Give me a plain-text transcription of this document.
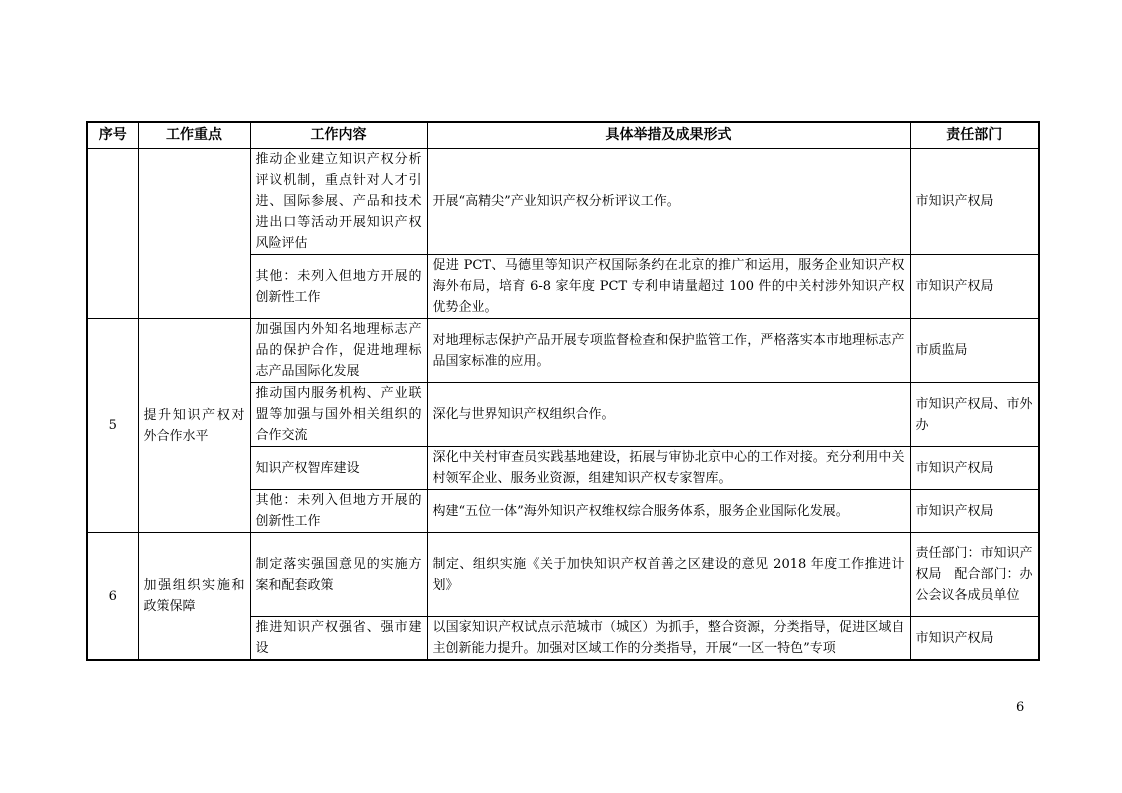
序号	工作重点	工作内容	具体举措及成果形式	责任部门
		推动企业建立知识产权分析评议机制，重点针对人才引进、国际参展、产品和技术进出口等活动开展知识产权风险评估	开展“高精尖”产业知识产权分析评议工作。	市知识产权局
		其他：未列入但地方开展的创新性工作	促进 PCT、马德里等知识产权国际条约在北京的推广和运用，服务企业知识产权海外布局，培育 6-8 家年度 PCT 专利申请量超过 100 件的中关村涉外知识产权优势企业。	市知识产权局
5	提升知识产权对外合作水平	加强国内外知名地理标志产品的保护合作，促进地理标志产品国际化发展	对地理标志保护产品开展专项监督检查和保护监管工作，严格落实本市地理标志产品国家标准的应用。	市质监局
		推动国内服务机构、产业联盟等加强与国外相关组织的合作交流	深化与世界知识产权组织合作。	市知识产权局、市外办
		知识产权智库建设	深化中关村审查员实践基地建设，拓展与审协北京中心的工作对接。充分利用中关村领军企业、服务业资源，组建知识产权专家智库。	市知识产权局
		其他：未列入但地方开展的创新性工作	构建“五位一体”海外知识产权维权综合服务体系，服务企业国际化发展。	市知识产权局
6	加强组织实施和政策保障	制定落实强国意见的实施方案和配套政策	制定、组织实施《关于加快知识产权首善之区建设的意见 2018 年度工作推进计划》	责任部门：市知识产权局　配合部门：办公会议各成员单位
		推进知识产权强省、强市建设	以国家知识产权试点示范城市（城区）为抓手，整合资源，分类指导，促进区域自主创新能力提升。加强对区域工作的分类指导，开展“一区一特色”专项	市知识产权局
6
